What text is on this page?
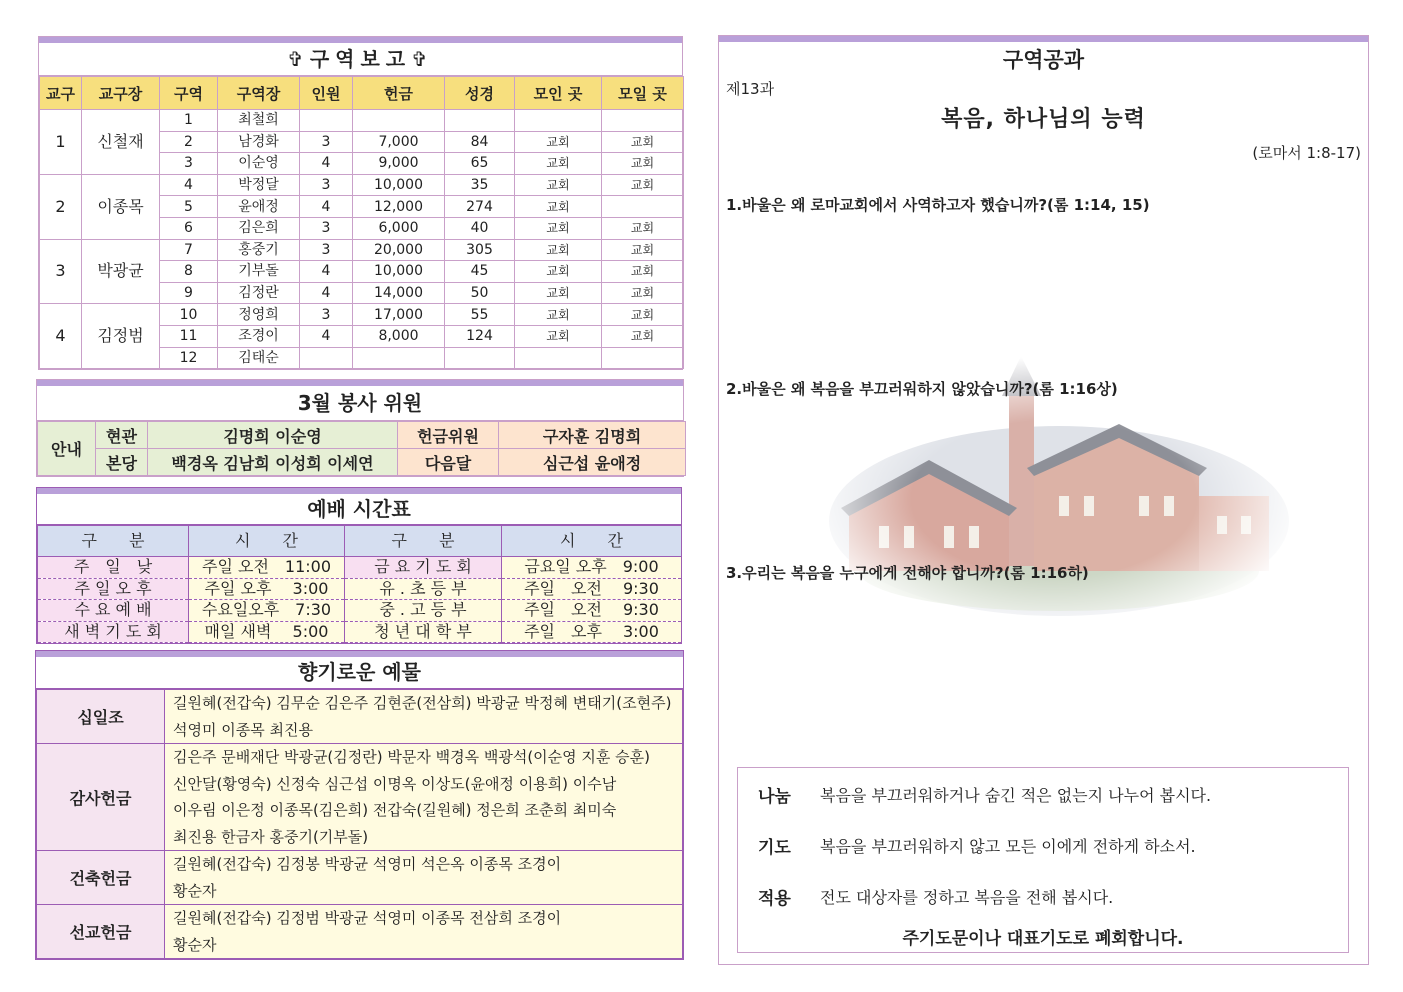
✞구역보고✞
교구	교구장	구역	구역장	인원	헌금	성경	모인 곳	모일 곳
1	신철재	1	최철희					
		2	남경화	3	7,000	84	교회	교회
		3	이순영	4	9,000	65	교회	교회
2	이종목	4	박정달	3	10,000	35	교회	교회
		5	윤애정	4	12,000	274	교회	
		6	김은희	3	6,000	40	교회	교회
3	박광균	7	홍중기	3	20,000	305	교회	교회
		8	기부돌	4	10,000	45	교회	교회
		9	김정란	4	14,000	50	교회	교회
4	김정범	10	정영희	3	17,000	55	교회	교회
		11	조경이	4	8,000	124	교회	교회
		12	김태순					
3월 봉사 위원
안내	현관	김명희 이순영	헌금위원	구자훈 김명희
	본당	백경옥 김남희 이성희 이세연	다음달	심근섭 윤애정
예배 시간표
구　　분	시　　간	구　　분	시　　간
주　일　낮	주일 오전　11:00	금 요 기 도 회	금요일 오후　9:00
주 일 오 후	주일 오후　 3:00	유 . 초 등 부	주일　오전　 9:30
수 요 예 배	수요일오후　7:30	중 . 고 등 부	주일　오전　 9:30
새 벽 기 도 회	매일 새벽　 5:00	청 년 대 학 부	주일　오후　 3:00
향기로운 예물
십일조	길원혜(전갑숙) 김무순 김은주 김현준(전삼희) 박광균 박정혜 변태기(조현주)
석영미 이종목 최진용

감사헌금	김은주 문배재단 박광균(김정란) 박문자 백경옥 백광석(이순영 지훈 승훈)
신안달(황영숙) 신정숙 심근섭 이명옥 이상도(윤애정 이용희) 이수남
이우림 이은정 이종목(김은희) 전갑숙(길원혜) 정은희 조춘희 최미숙
최진용 한금자 홍중기(기부돌)

건축헌금	길원혜(전갑숙) 김정봉 박광균 석영미 석은옥 이종목 조경이
황순자

선교헌금	길원혜(전갑숙) 김정범 박광균 석영미 이종목 전삼희 조경이
황순자
구역공과
제13과
복음, 하나님의 능력
(로마서 1:8-17)
1.바울은 왜 로마교회에서 사역하고자 했습니까?(롬 1:14, 15)
2.바울은 왜 복음을 부끄러워하지 않았습니까?(롬 1:16상)
3.우리는 복음을 누구에게 전해야 합니까?(롬 1:16하)
나눔 복음을 부끄러워하거나 숨긴 적은 없는지 나누어 봅시다.
기도 복음을 부끄러워하지 않고 모든 이에게 전하게 하소서.
적용 전도 대상자를 정하고 복음을 전해 봅시다.
주기도문이나 대표기도로 폐회합니다.
